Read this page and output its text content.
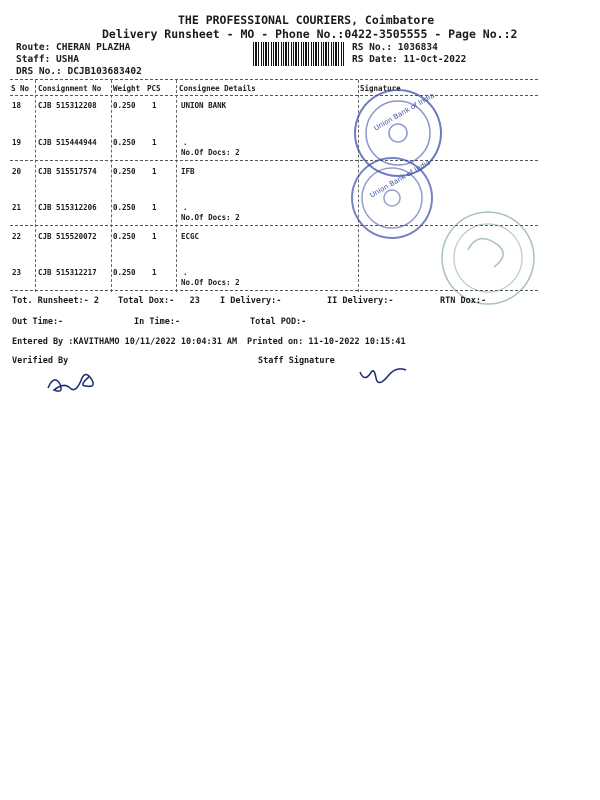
THE PROFESSIONAL COURIERS, Coimbatore
Delivery Runsheet - MO - Phone No.:0422-3505555 - Page No.:2
Route: CHERAN PLAZHA
Staff: USHA
DRS No.: DCJB103683402
RS No.: 1036834
RS Date: 11-Oct-2022
S No Consignment No Weight PCS Consignee Details	Signature
18 CJB 515312208 0.250 1	UNION BANK
19 CJB 515444944 0.250 1	.
No.Of Docs: 2
20 CJB 515517574 0.250 1	IFB
21 CJB 515312206 0.250 1	.
No.Of Docs: 2
22 CJB 515520072 0.250 1	ECGC
23 CJB 515312217 0.250 1	.
No.Of Docs: 2
Union Bank of India
Union Bank of India
Tot. Runsheet:- 2 Total Dox:-   23 I Delivery:-	II Delivery:-	RTN Dox:-
Out Time:-	In Time:-	Total POD:-
Entered By :KAVITHAMO 10/11/2022 10:04:31 AM Printed on: 11-10-2022 10:15:41
Verified By	Staff Signature
